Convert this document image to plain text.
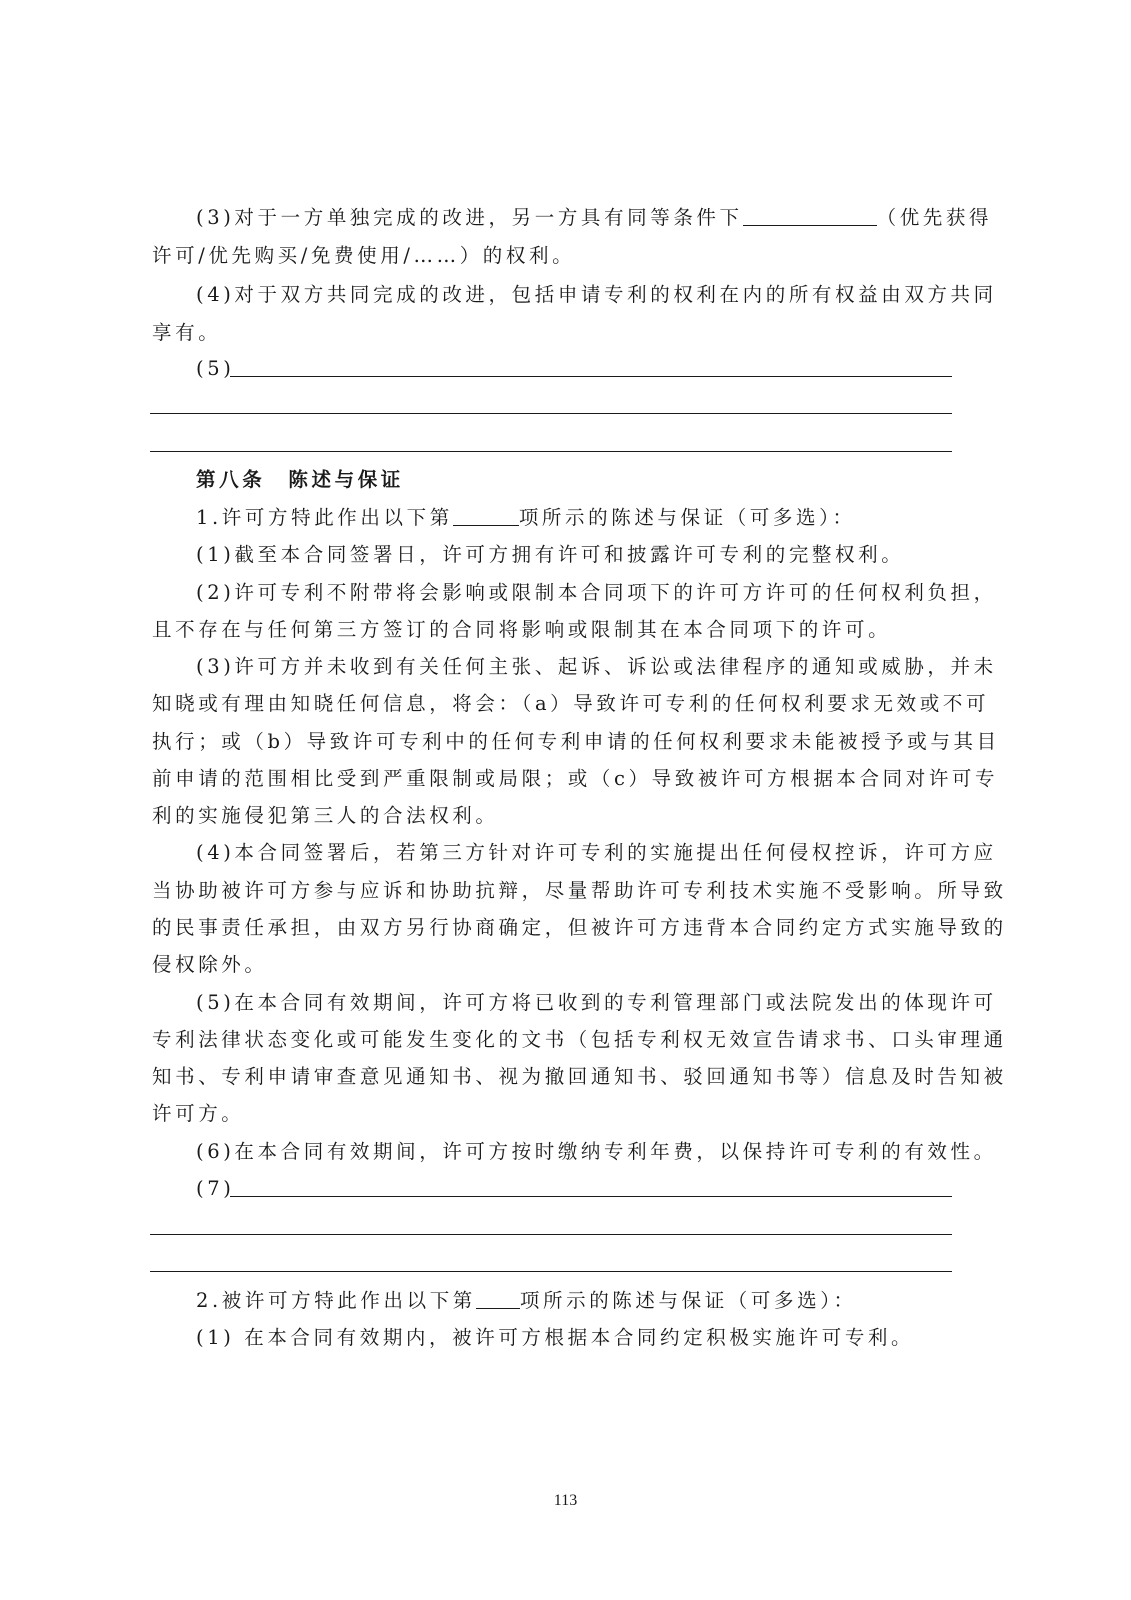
(3)对于一方单独完成的改进，另一方具有同等条件下	（优先获得
许可/优先购买/免费使用/……）的权利。
(4)对于双方共同完成的改进，包括申请专利的权利在内的所有权益由双方共同
享有。
(5)
第八条　陈述与保证
1.许可方特此作出以下第	项所示的陈述与保证（可多选）：
(1)截至本合同签署日，许可方拥有许可和披露许可专利的完整权利。
(2)许可专利不附带将会影响或限制本合同项下的许可方许可的任何权利负担，
且不存在与任何第三方签订的合同将影响或限制其在本合同项下的许可。
(3)许可方并未收到有关任何主张、起诉、诉讼或法律程序的通知或威胁，并未
知晓或有理由知晓任何信息，将会：（a）导致许可专利的任何权利要求无效或不可
执行；或（b）导致许可专利中的任何专利申请的任何权利要求未能被授予或与其目
前申请的范围相比受到严重限制或局限；或（c）导致被许可方根据本合同对许可专
利的实施侵犯第三人的合法权利。
(4)本合同签署后，若第三方针对许可专利的实施提出任何侵权控诉，许可方应
当协助被许可方参与应诉和协助抗辩，尽量帮助许可专利技术实施不受影响。所导致
的民事责任承担，由双方另行协商确定，但被许可方违背本合同约定方式实施导致的
侵权除外。
(5)在本合同有效期间，许可方将已收到的专利管理部门或法院发出的体现许可
专利法律状态变化或可能发生变化的文书（包括专利权无效宣告请求书、口头审理通
知书、专利申请审查意见通知书、视为撤回通知书、驳回通知书等）信息及时告知被
许可方。
(6)在本合同有效期间，许可方按时缴纳专利年费，以保持许可专利的有效性。
(7)
2.被许可方特此作出以下第 项所示的陈述与保证（可多选）：
(1) 在本合同有效期内，被许可方根据本合同约定积极实施许可专利。
113
